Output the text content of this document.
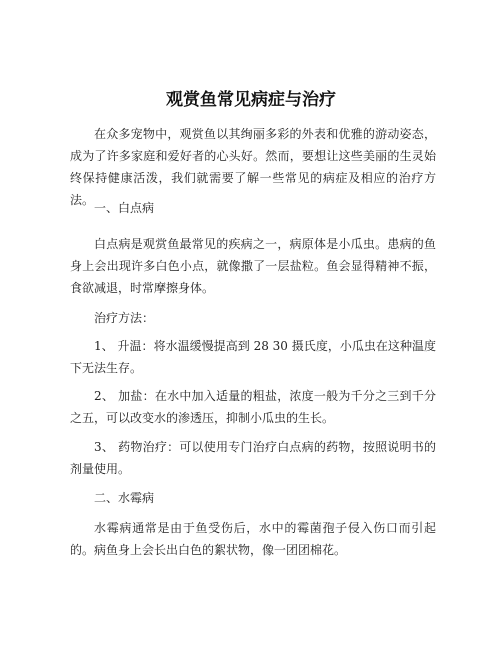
观赏鱼常见病症与治疗

在众多宠物中，观赏鱼以其绚丽多彩的外表和优雅的游动姿态，成为了许多家庭和爱好者的心头好。然而，要想让这些美丽的生灵始终保持健康活泼，我们就需要了解一些常见的病症及相应的治疗方法。

一、白点病

白点病是观赏鱼最常见的疾病之一，病原体是小瓜虫。患病的鱼身上会出现许多白色小点，就像撒了一层盐粒。鱼会显得精神不振，食欲减退，时常摩擦身体。

治疗方法：

1、 升温：将水温缓慢提高到 28 30 摄氏度，小瓜虫在这种温度下无法生存。

2、 加盐：在水中加入适量的粗盐，浓度一般为千分之三到千分之五，可以改变水的渗透压，抑制小瓜虫的生长。

3、 药物治疗：可以使用专门治疗白点病的药物，按照说明书的剂量使用。

二、水霉病

水霉病通常是由于鱼受伤后，水中的霉菌孢子侵入伤口而引起的。病鱼身上会长出白色的絮状物，像一团团棉花。
